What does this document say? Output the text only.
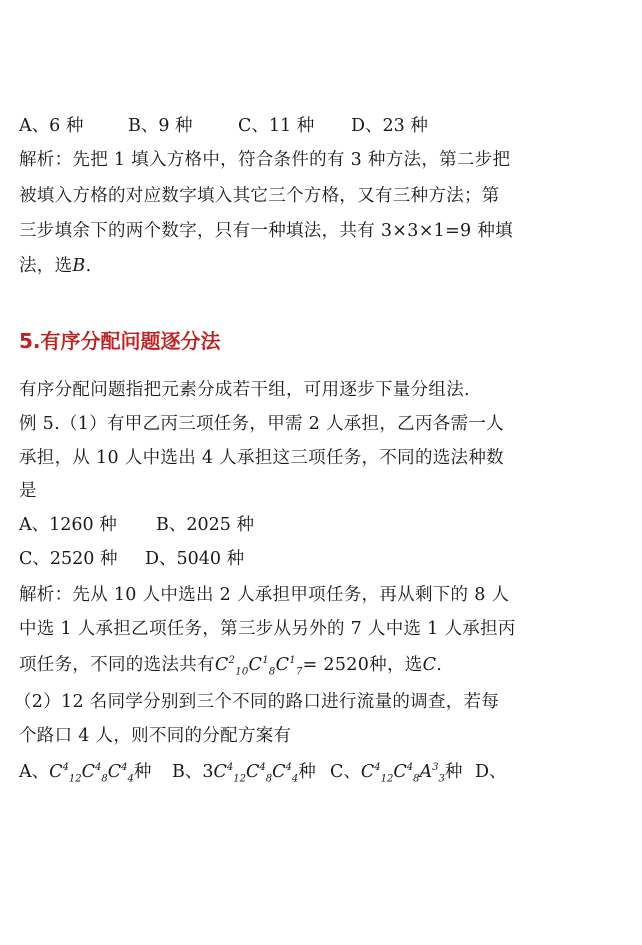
A、6 种	B、9 种	C、11 种 D、23 种
解析：先把 1 填入方格中，符合条件的有 3 种方法，第二步把
被填入方格的对应数字填入其它三个方格，又有三种方法；第
三步填余下的两个数字，只有一种填法，共有 3×3×1=9 种填
法，选B.
5.有序分配问题逐分法
有序分配问题指把元素分成若干组，可用逐步下量分组法.
例 5.（1）有甲乙丙三项任务，甲需 2 人承担，乙丙各需一人
承担，从 10 人中选出 4 人承担这三项任务，不同的选法种数
是
A、1260 种 B、2025 种
C、2520 种 D、5040 种
解析：先从 10 人中选出 2 人承担甲项任务，再从剩下的 8 人
中选 1 人承担乙项任务，第三步从另外的 7 人中选 1 人承担丙
项任务，不同的选法共有$C^2_{10}C^1_8C^1_7= 2520$种，选C.
（2）12 名同学分别到三个不同的路口进行流量的调查，若每
个路口 4 人，则不同的分配方案有
A、$C^4_{12}C^4_8C^4_4$种 B、$3C^4_{12}C^4_8C^4_4$种 C、$C^4_{12}C^4_8A^3_3$种 D、
